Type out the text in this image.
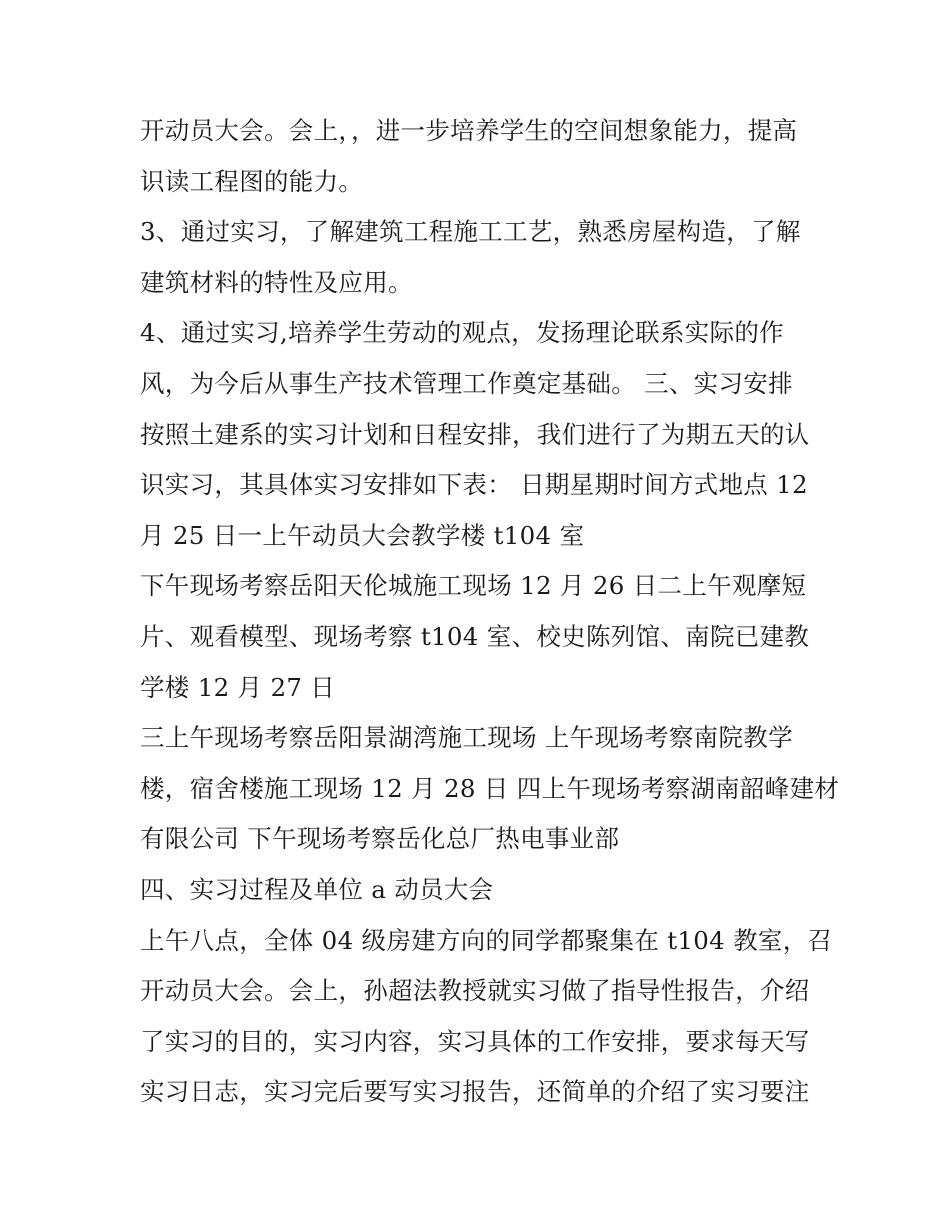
开动员大会。会上，，进一步培养学生的空间想象能力，提高
识读工程图的能力。
3、通过实习，了解建筑工程施工工艺，熟悉房屋构造，了解
建筑材料的特性及应用。
4、通过实习,培养学生劳动的观点，发扬理论联系实际的作
风，为今后从事生产技术管理工作奠定基础。 三、实习安排
按照土建系的实习计划和日程安排，我们进行了为期五天的认
识实习，其具体实习安排如下表： 日期星期时间方式地点 12
月 25 日一上午动员大会教学楼 t104 室
下午现场考察岳阳天伦城施工现场 12 月 26 日二上午观摩短
片、观看模型、现场考察 t104 室、校史陈列馆、南院已建教
学楼 12 月 27 日
三上午现场考察岳阳景湖湾施工现场 上午现场考察南院教学
楼，宿舍楼施工现场 12 月 28 日 四上午现场考察湖南韶峰建材
有限公司 下午现场考察岳化总厂热电事业部
四、实习过程及单位 a 动员大会
上午八点，全体 04 级房建方向的同学都聚集在 t104 教室，召
开动员大会。会上，孙超法教授就实习做了指导性报告，介绍
了实习的目的，实习内容，实习具体的工作安排，要求每天写
实习日志，实习完后要写实习报告，还简单的介绍了实习要注
